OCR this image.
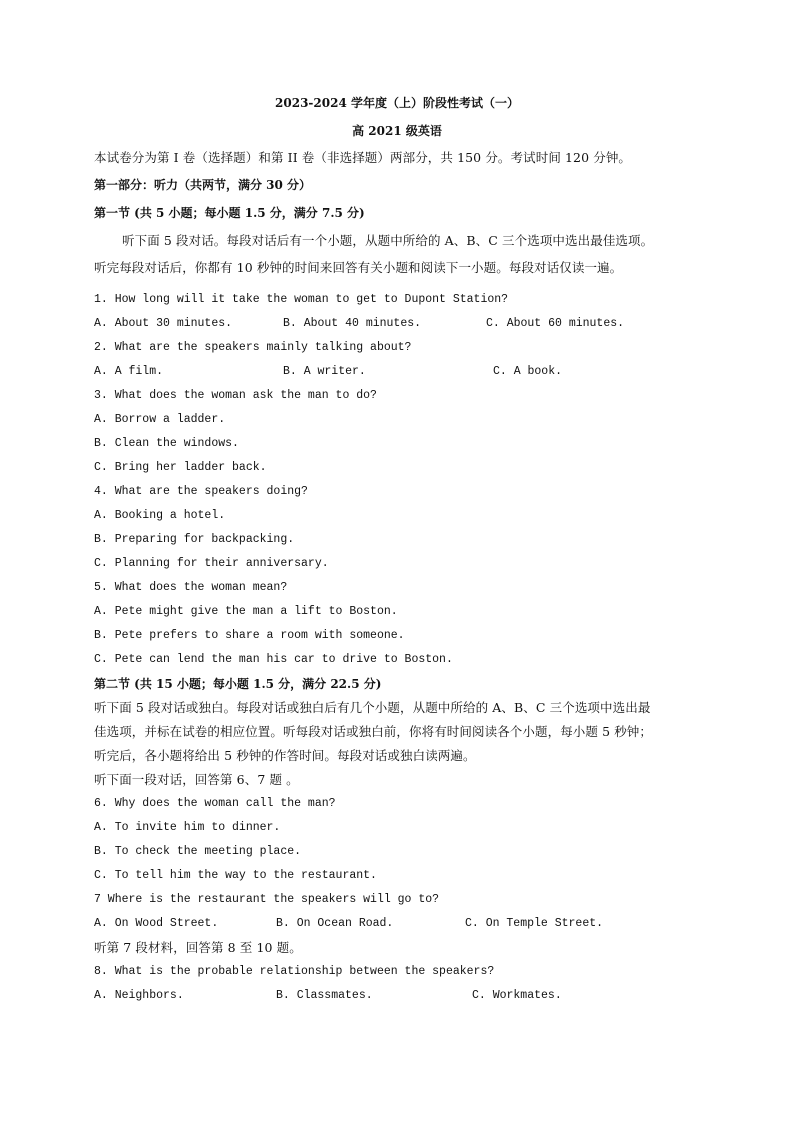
2023-2024 学年度（上）阶段性考试（一）
高 2021 级英语
本试卷分为第 I 卷（选择题）和第 II 卷（非选择题）两部分，共 150 分。考试时间 120 分钟。
第一部分：听力（共两节，满分 30 分）
第一节 (共 5 小题；每小题 1.5 分，满分 7.5 分)
听下面 5 段对话。每段对话后有一个小题，从题中所给的 A、B、C 三个选项中选出最佳选项。
听完每段对话后，你都有 10 秒钟的时间来回答有关小题和阅读下一小题。每段对话仅读一遍。
1. How long will it take the woman to get to Dupont Station?
A. About 30 minutes.	B. About 40 minutes.	C. About 60 minutes.
2. What are the speakers mainly talking about?
A. A film.	B. A writer.	C. A book.
3. What does the woman ask the man to do?
A. Borrow a ladder.
B. Clean the windows.
C. Bring her ladder back.
4. What are the speakers doing?
A. Booking a hotel.
B. Preparing for backpacking.
C. Planning for their anniversary.
5. What does the woman mean?
A. Pete might give the man a lift to Boston.
B. Pete prefers to share a room with someone.
C. Pete can lend the man his car to drive to Boston.
第二节 (共 15 小题；每小题 1.5 分，满分 22.5 分)
听下面 5 段对话或独白。每段对话或独白后有几个小题，从题中所给的 A、B、C 三个选项中选出最
佳选项，并标在试卷的相应位置。听每段对话或独白前，你将有时间阅读各个小题，每小题 5 秒钟；
听完后，各小题将给出 5 秒钟的作答时间。每段对话或独白读两遍。
听下面一段对话，回答第 6、7 题 。
6. Why does the woman call the man?
A. To invite him to dinner.
B. To check the meeting place.
C. To tell him the way to the restaurant.
7 Where is the restaurant the speakers will go to?
A. On Wood Street.	B. On Ocean Road.	C. On Temple Street.
听第 7 段材料，回答第 8 至 10 题。
8. What is the probable relationship between the speakers?
A. Neighbors.	B. Classmates.	C. Workmates.
